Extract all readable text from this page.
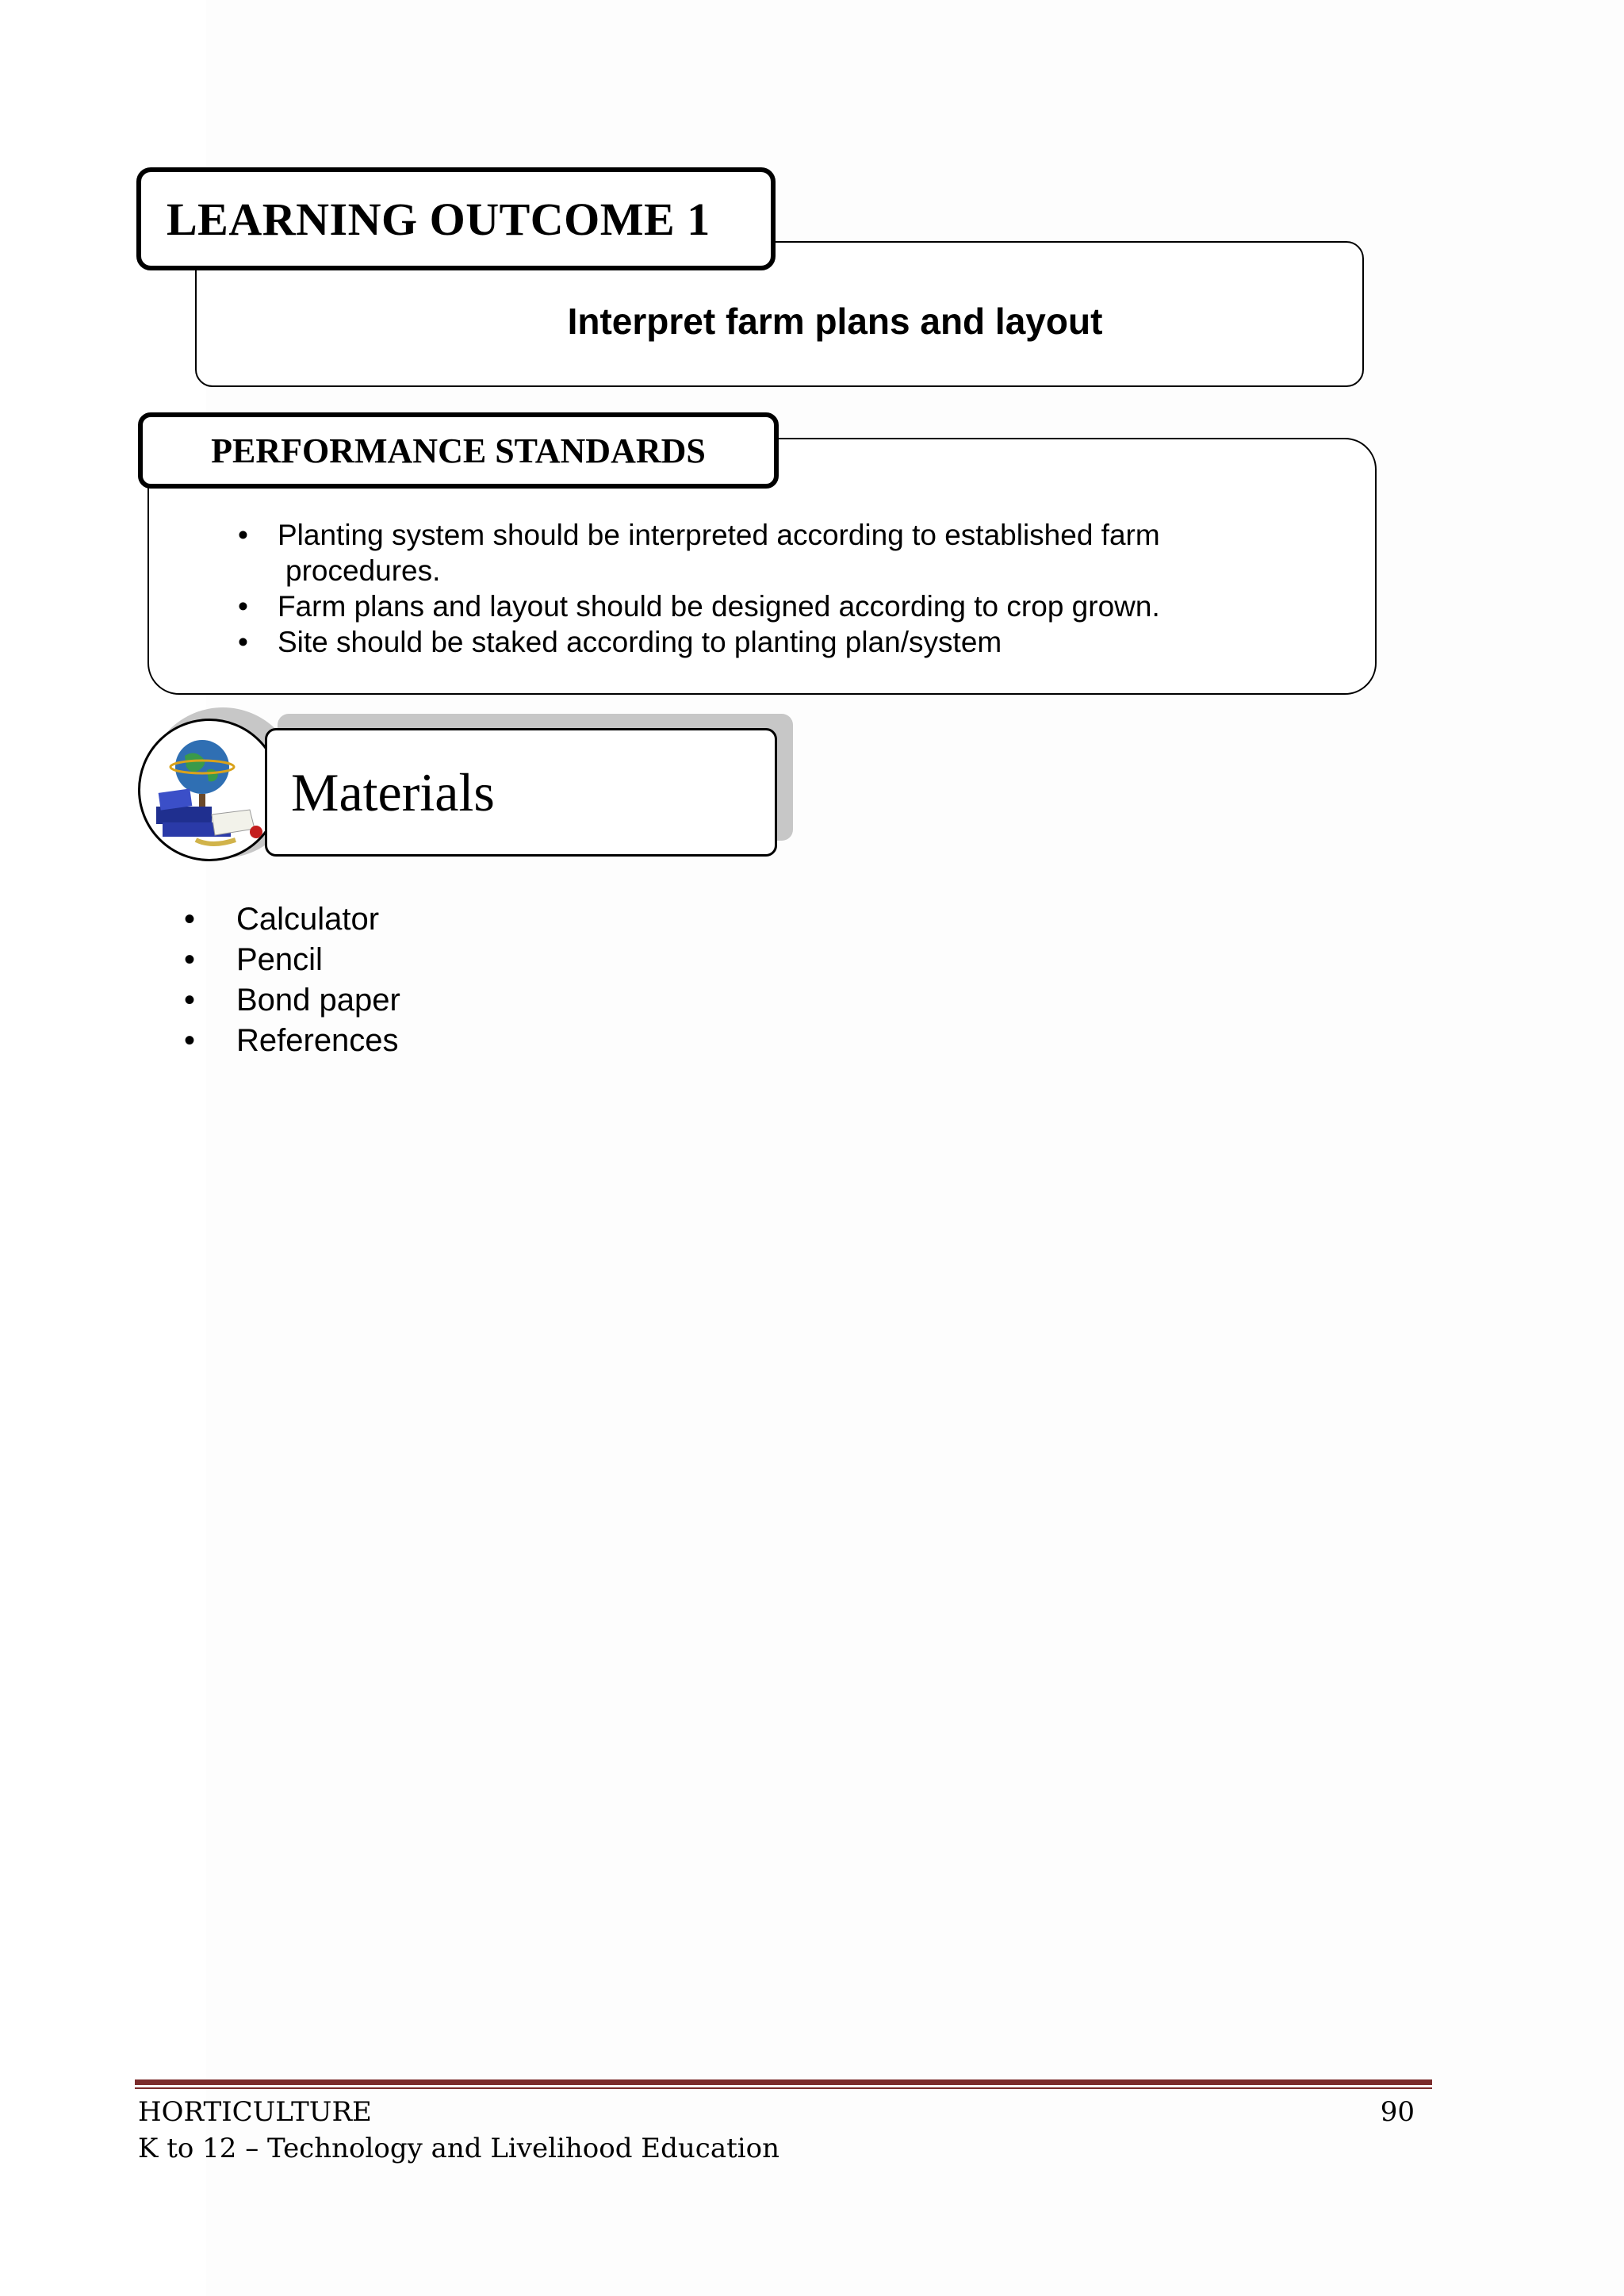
Interpret farm plans and layout
LEARNING OUTCOME 1
PERFORMANCE STANDARDS
•	Planting system should be interpreted according to established farm
procedures.
•	Farm plans and layout should be designed according to crop grown.
•	Site should be staked according to planting plan/system
Materials
• Calculator
• Pencil
• Bond paper
• References
HORTICULTURE
K to 12 – Technology and Livelihood Education
90
